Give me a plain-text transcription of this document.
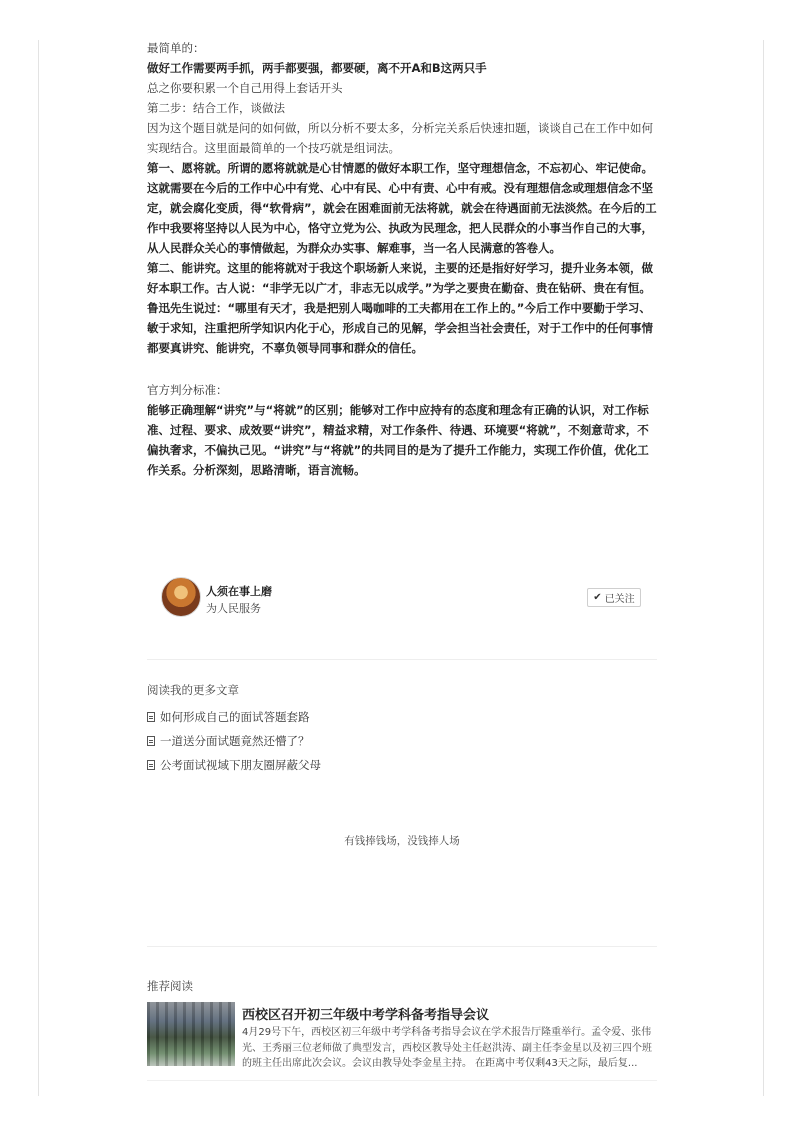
最简单的：

做好工作需要两手抓，两手都要强，都要硬，离不开A和B这两只手

总之你要积累一个自己用得上套话开头

第二步：结合工作，谈做法

因为这个题目就是问的如何做，所以分析不要太多，分析完关系后快速扣题，谈谈自己在工作中如何实现结合。这里面最简单的一个技巧就是组词法。

第一、愿将就。所谓的愿将就就是心甘情愿的做好本职工作，坚守理想信念，不忘初心、牢记使命。这就需要在今后的工作中心中有党、心中有民、心中有责、心中有戒。没有理想信念或理想信念不坚定，就会腐化变质，得“软骨病”，就会在困难面前无法将就，就会在待遇面前无法淡然。在今后的工作中我要将坚持以人民为中心，恪守立党为公、执政为民理念，把人民群众的小事当作自己的大事，从人民群众关心的事情做起，为群众办实事、解难事，当一名人民满意的答卷人。

第二、能讲究。这里的能将就对于我这个职场新人来说，主要的还是指好好学习，提升业务本领，做好本职工作。古人说：“非学无以广才，非志无以成学。”为学之要贵在勤奋、贵在钻研、贵在有恒。鲁迅先生说过：“哪里有天才，我是把别人喝咖啡的工夫都用在工作上的。”今后工作中要勤于学习、敏于求知，注重把所学知识内化于心，形成自己的见解，学会担当社会责任，对于工作中的任何事情都要真讲究、能讲究，不辜负领导同事和群众的信任。

官方判分标准：

能够正确理解“讲究”与“将就”的区别；能够对工作中应持有的态度和理念有正确的认识，对工作标准、过程、要求、成效要“讲究”，精益求精，对工作条件、待遇、环境要“将就”，不刻意苛求，不偏执奢求，不偏执己见。“讲究”与“将就”的共同目的是为了提升工作能力，实现工作价值，优化工作关系。分析深刻，思路清晰，语言流畅。

人须在事上磨
为人民服务
✔ 已关注
阅读我的更多文章
如何形成自己的面试答题套路
一道送分面试题竟然还懵了？
公考面试视域下朋友圈屏蔽父母
有钱捧钱场，没钱捧人场
推荐阅读
西校区召开初三年级中考学科备考指导会议
4月29号下午，西校区初三年级中考学科备考指导会议在学术报告厅隆重举行。孟令爱、张伟光、王秀丽三位老师做了典型发言，西校区教导处主任赵洪涛、副主任李金星以及初三四个班的班主任出席此次会议。会议由教导处李金星主持。 在距离中考仅剩43天之际，最后复...
